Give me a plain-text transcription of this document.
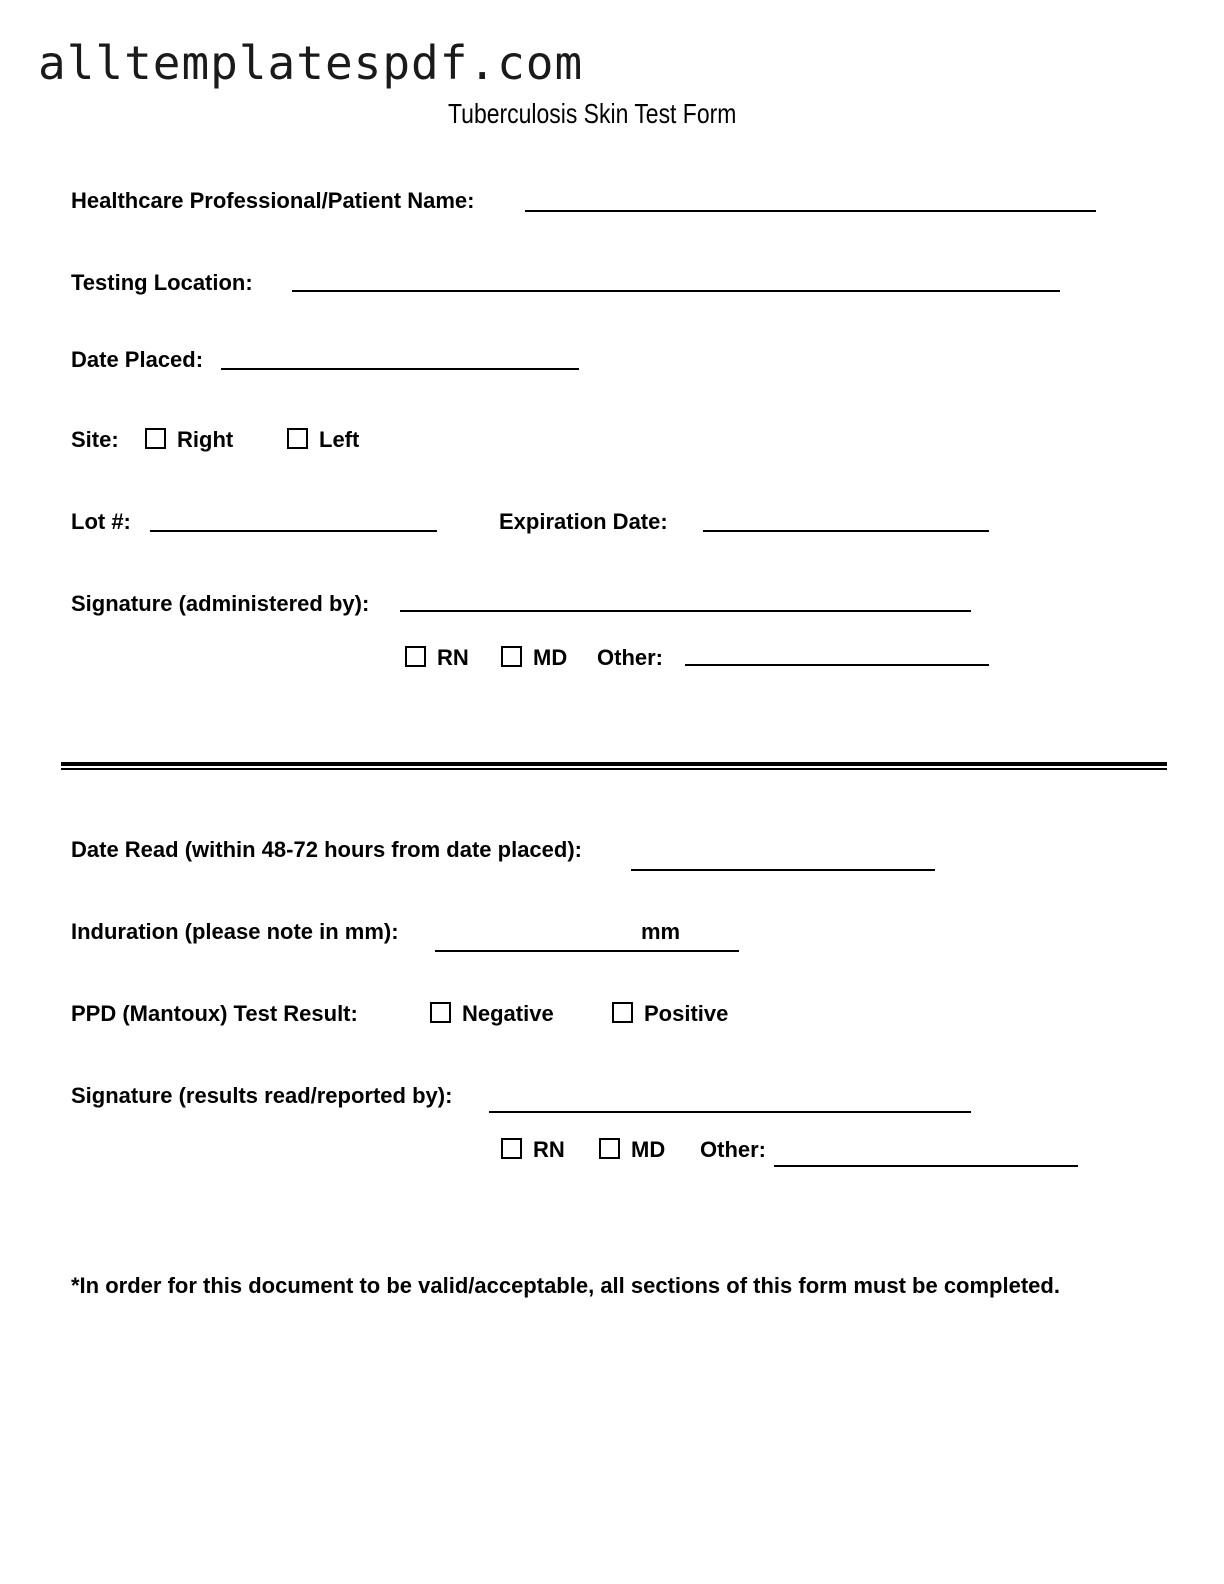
alltemplatespdf.com
Tuberculosis Skin Test Form
Healthcare Professional/Patient Name:
Testing Location:
Date Placed:
Site:	Right	Left
Lot #:	Expiration Date:
Signature (administered by):
RN	MD Other:
Date Read (within 48-72 hours from date placed):
Induration (please note in mm):	mm
PPD (Mantoux) Test Result:	Negative	Positive
Signature (results read/reported by):
RN	MD Other:
*In order for this document to be valid/acceptable, all sections of this form must be completed.
